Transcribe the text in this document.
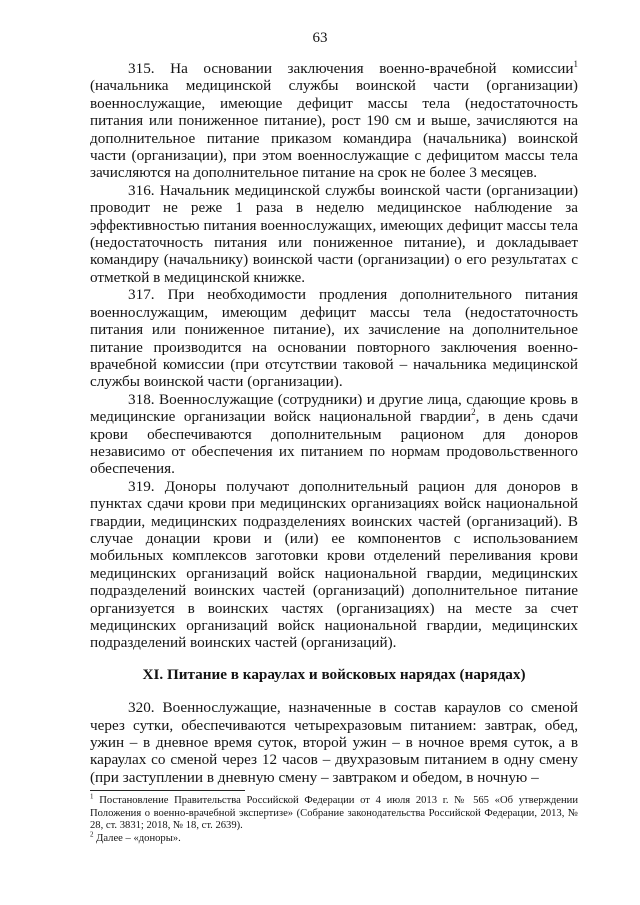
63

315. На основании заключения военно-врачебной комиссии$^1$ (начальника медицинской службы воинской части (организации) военнослужащие, имеющие дефицит массы тела (недостаточность питания или пониженное питание), рост 190 см и выше, зачисляются на дополнительное питание приказом командира (начальника) воинской части (организации), при этом военнослужащие с дефицитом массы тела зачисляются на дополнительное питание на срок не более 3 месяцев.

316. Начальник медицинской службы воинской части (организации) проводит не реже 1 раза в неделю медицинское наблюдение за эффективностью питания военнослужащих, имеющих дефицит массы тела (недостаточность питания или пониженное питание), и докладывает командиру (начальнику) воинской части (организации) о его результатах с отметкой в медицинской книжке.

317. При необходимости продления дополнительного питания военнослужащим, имеющим дефицит массы тела (недостаточность питания или пониженное питание), их зачисление на дополнительное питание производится на основании повторного заключения военно-врачебной комиссии (при отсутствии таковой – начальника медицинской службы воинской части (организации).

318. Военнослужащие (сотрудники) и другие лица, сдающие кровь в медицинские организации войск национальной гвардии$^2$, в день сдачи крови обеспечиваются дополнительным рационом для доноров независимо от обеспечения их питанием по нормам продовольственного обеспечения.

319. Доноры получают дополнительный рацион для доноров в пунктах сдачи крови при медицинских организациях войск национальной гвардии, медицинских подразделениях воинских частей (организаций). В случае донации крови и (или) ее компонентов с использованием мобильных комплексов заготовки крови отделений переливания крови медицинских организаций войск национальной гвардии, медицинских подразделений воинских частей (организаций) дополнительное питание организуется в воинских частях (организациях) на месте за счет медицинских организаций войск национальной гвардии, медицинских подразделений воинских частей (организаций).

XI. Питание в караулах и войсковых нарядах (нарядах)

320. Военнослужащие, назначенные в состав караулов со сменой через сутки, обеспечиваются четырехразовым питанием: завтрак, обед, ужин – в дневное время суток, второй ужин – в ночное время суток, а в караулах со сменой через 12 часов – двухразовым питанием в одну смену (при заступлении в дневную смену – завтраком и обедом, в ночную –

$^1$ Постановление Правительства Российской Федерации от 4 июля 2013 г. № 565 «Об утверждении Положения о военно-врачебной экспертизе» (Собрание законодательства Российской Федерации, 2013, № 28, ст. 3831; 2018, № 18, ст. 2639).

$^2$ Далее – «доноры».
